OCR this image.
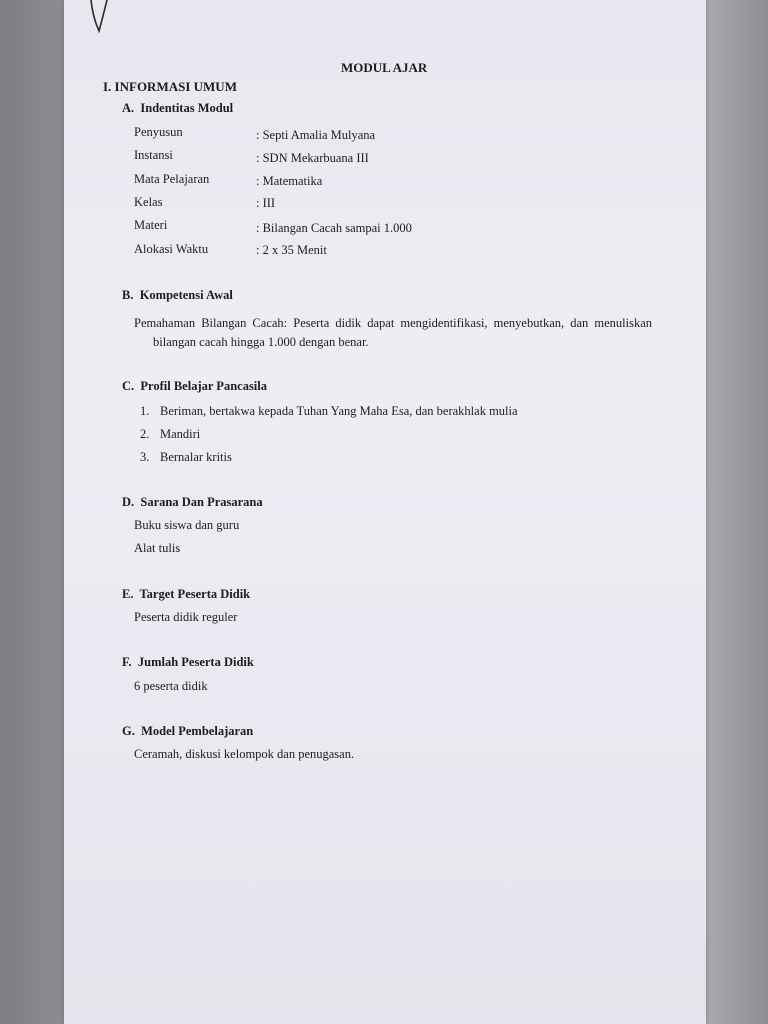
MODUL AJAR
I. INFORMASI UMUM
A.  Indentitas Modul
Penyusun	: Septi Amalia Mulyana
Instansi	: SDN Mekarbuana III
Mata Pelajaran	: Matematika
Kelas	: III
Materi	: Bilangan Cacah sampai 1.000
Alokasi Waktu	: 2 x 35 Menit
B.  Kompetensi Awal
Pemahaman Bilangan Cacah: Peserta didik dapat mengidentifikasi, menyebutkan, dan menuliskan
bilangan cacah hingga 1.000 dengan benar.
C.  Profil Belajar Pancasila
1. Beriman, bertakwa kepada Tuhan Yang Maha Esa, dan berakhlak mulia
2. Mandiri
3. Bernalar kritis
D.  Sarana Dan Prasarana
Buku siswa dan guru
Alat tulis
E.  Target Peserta Didik
Peserta didik reguler
F.  Jumlah Peserta Didik
6 peserta didik
G.  Model Pembelajaran
Ceramah, diskusi kelompok dan penugasan.
